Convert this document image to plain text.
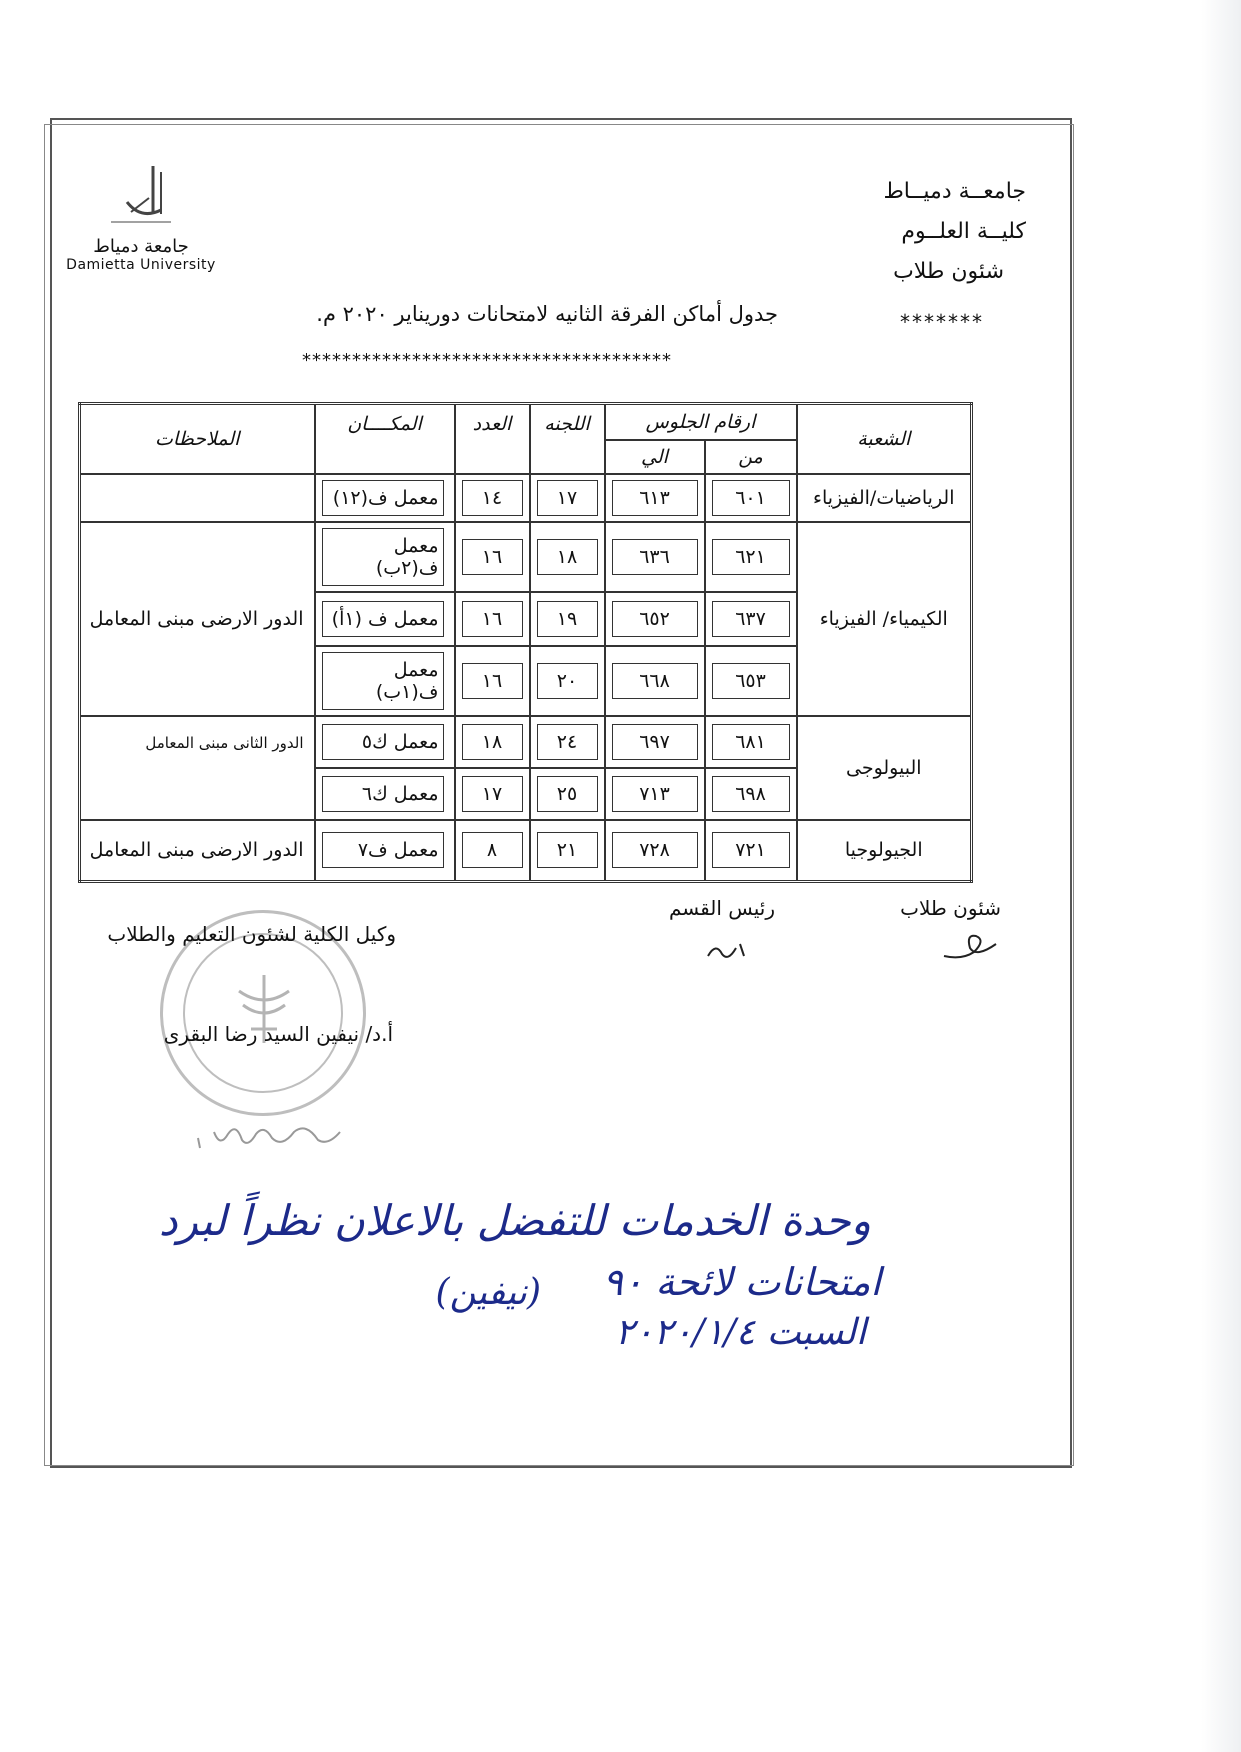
جامعــة دميــاط
كليــة العلــوم
شئون طلاب
جامعة دمياط
Damietta University
*******
جدول أماكن الفرقة الثانيه لامتحانات دوريناير ٢٠٢٠ م.
*************************************
الشعبة	ارقام الجلوس		اللجنه	العدد	المكــــان	الملاحظات
	من	الي				
الرياضيات/الفيزياء	٦٠١	٦١٣	١٧	١٤	معمل ف(١٢)	

الكيمياء/ الفيزياء	٦٢١	٦٣٦	١٨	١٦	معمل ف(٢ب)	الدور الارضى مبنى المعامل

	٦٣٧	٦٥٢	١٩	١٦	معمل ف (١أ)	

	٦٥٣	٦٦٨	٢٠	١٦	معمل ف(١ب)	

البيولوجى	٦٨١	٦٩٧	٢٤	١٨	معمل ك٥	الدور الثانى مبنى المعامل

	٦٩٨	٧١٣	٢٥	١٧	معمل ك٦	

الجيولوجيا	٧٢١	٧٢٨	٢١	٨	معمل ف٧	الدور الارضى مبنى المعامل
شئون طلاب
رئيس القسم
وكيل الكلية لشئون التعليم والطلاب
أ.د/ نيفين السيد رضا البقرى
وحدة الخدمات للتفضل بالاعلان نظراً لبرد
امتحانات لائحة ٩٠
(نيفين)
السبت ٢٠٢٠/١/٤
